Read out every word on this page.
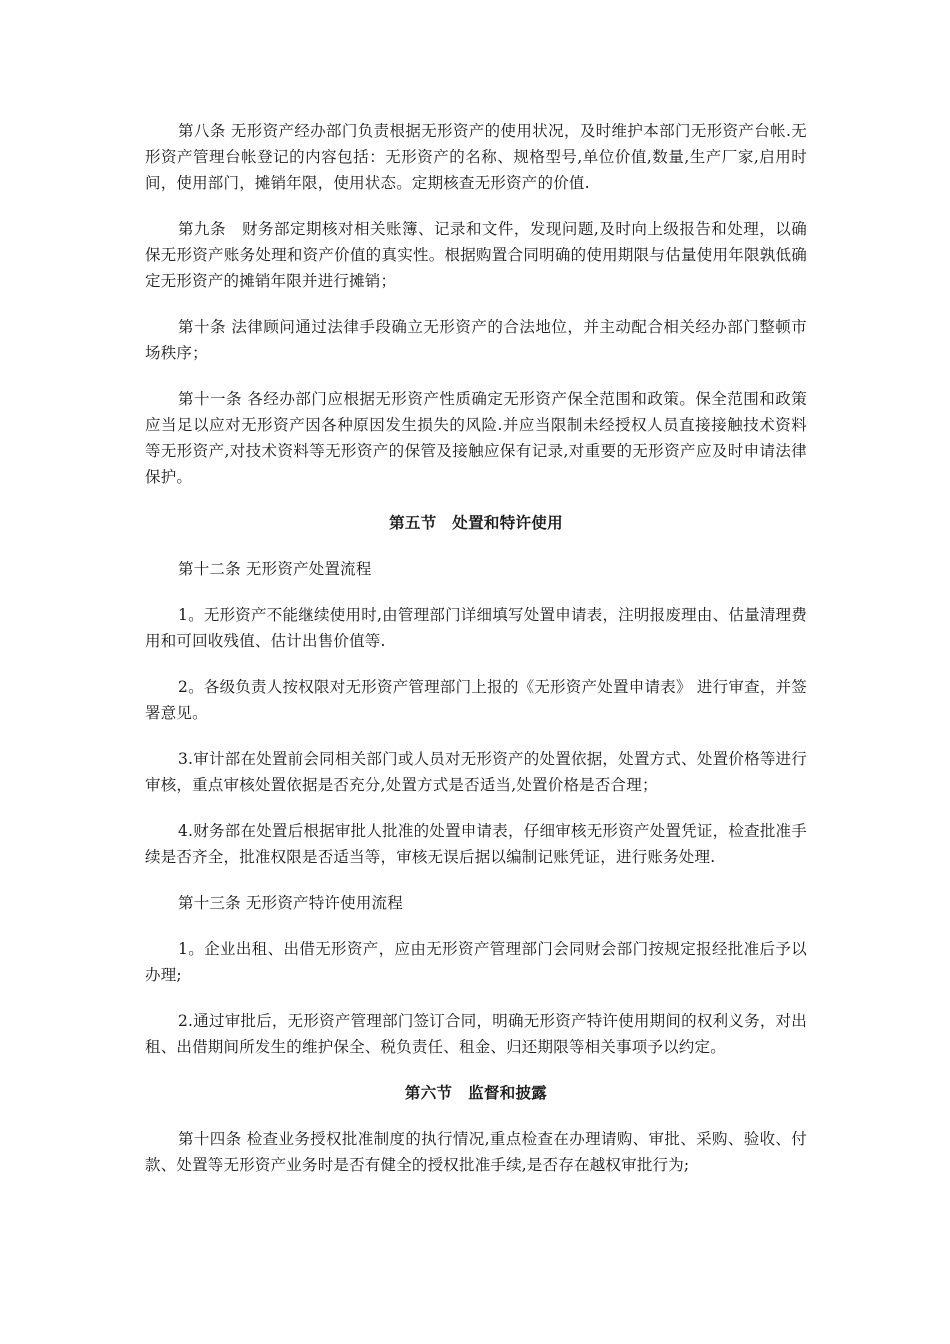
第八条 无形资产经办部门负责根据无形资产的使用状况，及时维护本部门无形资产台帐.无形资产管理台帐登记的内容包括：无形资产的名称、规格型号,单位价值,数量,生产厂家,启用时间，使用部门，摊销年限，使用状态。定期核查无形资产的价值.

第九条　财务部定期核对相关账簿、记录和文件，发现问题,及时向上级报告和处理，以确保无形资产账务处理和资产价值的真实性。根据购置合同明确的使用期限与估量使用年限孰低确定无形资产的摊销年限并进行摊销；

第十条 法律顾问通过法律手段确立无形资产的合法地位，并主动配合相关经办部门整顿市场秩序；

第十一条 各经办部门应根据无形资产性质确定无形资产保全范围和政策。保全范围和政策应当足以应对无形资产因各种原因发生损失的风险.并应当限制未经授权人员直接接触技术资料等无形资产,对技术资料等无形资产的保管及接触应保有记录,对重要的无形资产应及时申请法律保护。

第五节　处置和特许使用

第十二条 无形资产处置流程

1。无形资产不能继续使用时,由管理部门详细填写处置申请表，注明报废理由、估量清理费用和可回收残值、估计出售价值等.

2。各级负责人按权限对无形资产管理部门上报的《无形资产处置申请表》 进行审查，并签署意见。

3.审计部在处置前会同相关部门或人员对无形资产的处置依据，处置方式、处置价格等进行审核，重点审核处置依据是否充分,处置方式是否适当,处置价格是否合理；

4.财务部在处置后根据审批人批准的处置申请表，仔细审核无形资产处置凭证，检查批准手续是否齐全，批准权限是否适当等，审核无误后据以编制记账凭证，进行账务处理.

第十三条 无形资产特许使用流程

1。企业出租、出借无形资产，应由无形资产管理部门会同财会部门按规定报经批准后予以办理;

2.通过审批后，无形资产管理部门签订合同，明确无形资产特许使用期间的权利义务，对出租、出借期间所发生的维护保全、税负责任、租金、归还期限等相关事项予以约定。

第六节　监督和披露

第十四条 检查业务授权批准制度的执行情况,重点检查在办理请购、审批、采购、验收、付款、处置等无形资产业务时是否有健全的授权批准手续,是否存在越权审批行为;
